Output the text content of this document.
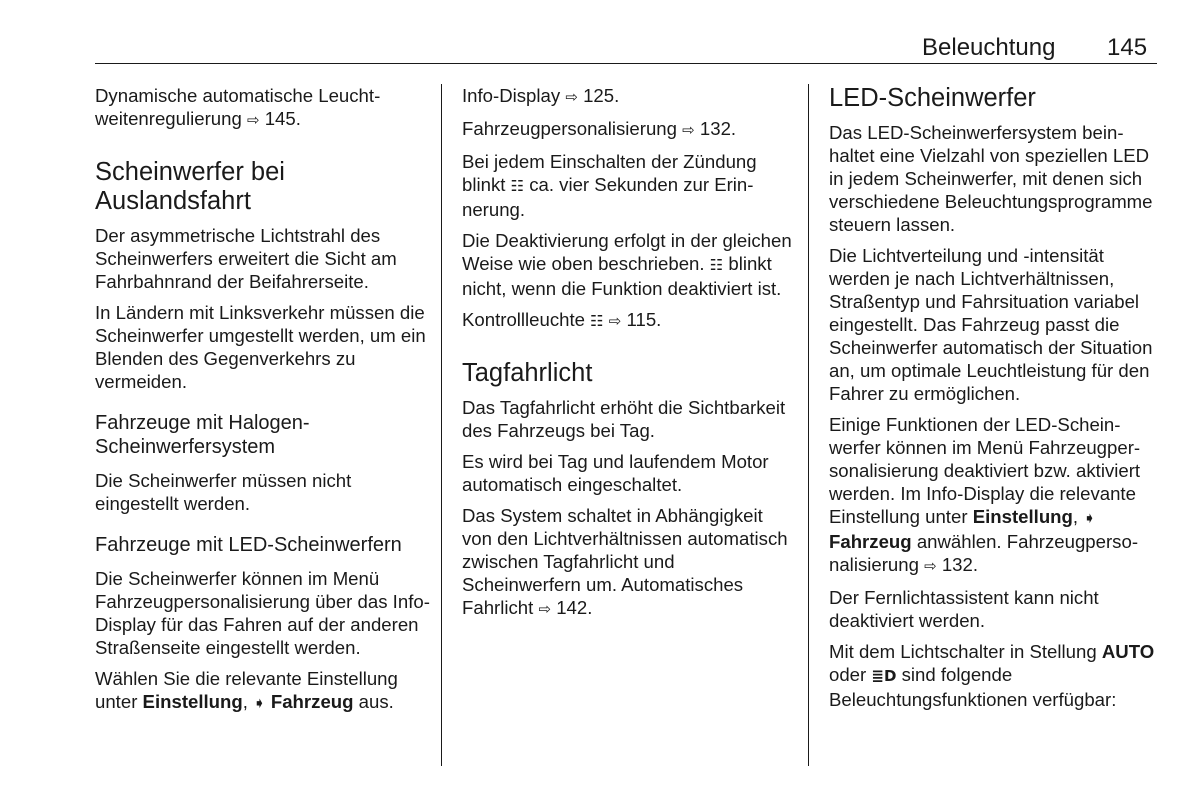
Beleuchtung 145

Dynamische automatische Leuchtweitenregulierung ⇨ 145.

Scheinwerfer bei Auslandsfahrt

Der asymmetrische Lichtstrahl des Scheinwerfers erweitert die Sicht am Fahrbahnrand der Beifahrerseite.

In Ländern mit Linksverkehr müssen die Scheinwerfer umgestellt werden, um ein Blenden des Gegenverkehrs zu vermeiden.

Fahrzeuge mit Halogen-Scheinwerfersystem

Die Scheinwerfer müssen nicht eingestellt werden.

Fahrzeuge mit LED-Scheinwerfern

Die Scheinwerfer können im Menü Fahrzeugpersonalisierung über das Info-Display für das Fahren auf der anderen Straßenseite eingestellt werden.

Wählen Sie die relevante Einstellung unter Einstellung, ➧ Fahrzeug aus.

Info-Display ⇨ 125.

Fahrzeugpersonalisierung ⇨ 132.

Bei jedem Einschalten der Zündung blinkt ☷ ca. vier Sekunden zur Erinnerung.

Die Deaktivierung erfolgt in der gleichen Weise wie oben beschrieben. ☷ blinkt nicht, wenn die Funktion deaktiviert ist.

Kontrollleuchte ☷ ⇨ 115.

Tagfahrlicht

Das Tagfahrlicht erhöht die Sichtbarkeit des Fahrzeugs bei Tag.

Es wird bei Tag und laufendem Motor automatisch eingeschaltet.

Das System schaltet in Abhängigkeit von den Lichtverhältnissen automatisch zwischen Tagfahrlicht und Scheinwerfern um. Automatisches Fahrlicht ⇨ 142.

LED-Scheinwerfer

Das LED-Scheinwerfersystem beinhaltet eine Vielzahl von speziellen LED in jedem Scheinwerfer, mit denen sich verschiedene Beleuchtungsprogramme steuern lassen.

Die Lichtverteilung und -intensität werden je nach Lichtverhältnissen, Straßentyp und Fahrsituation variabel eingestellt. Das Fahrzeug passt die Scheinwerfer automatisch der Situation an, um optimale Leuchtleistung für den Fahrer zu ermöglichen.

Einige Funktionen der LED-Scheinwerfer können im Menü Fahrzeugpersonalisierung deaktiviert bzw. aktiviert werden. Im Info-Display die relevante Einstellung unter Einstellung, ➧ Fahrzeug anwählen. Fahrzeugpersonalisierung ⇨ 132.

Der Fernlichtassistent kann nicht deaktiviert werden.

Mit dem Lichtschalter in Stellung AUTO oder ≣D sind folgende Beleuchtungsfunktionen verfügbar:
